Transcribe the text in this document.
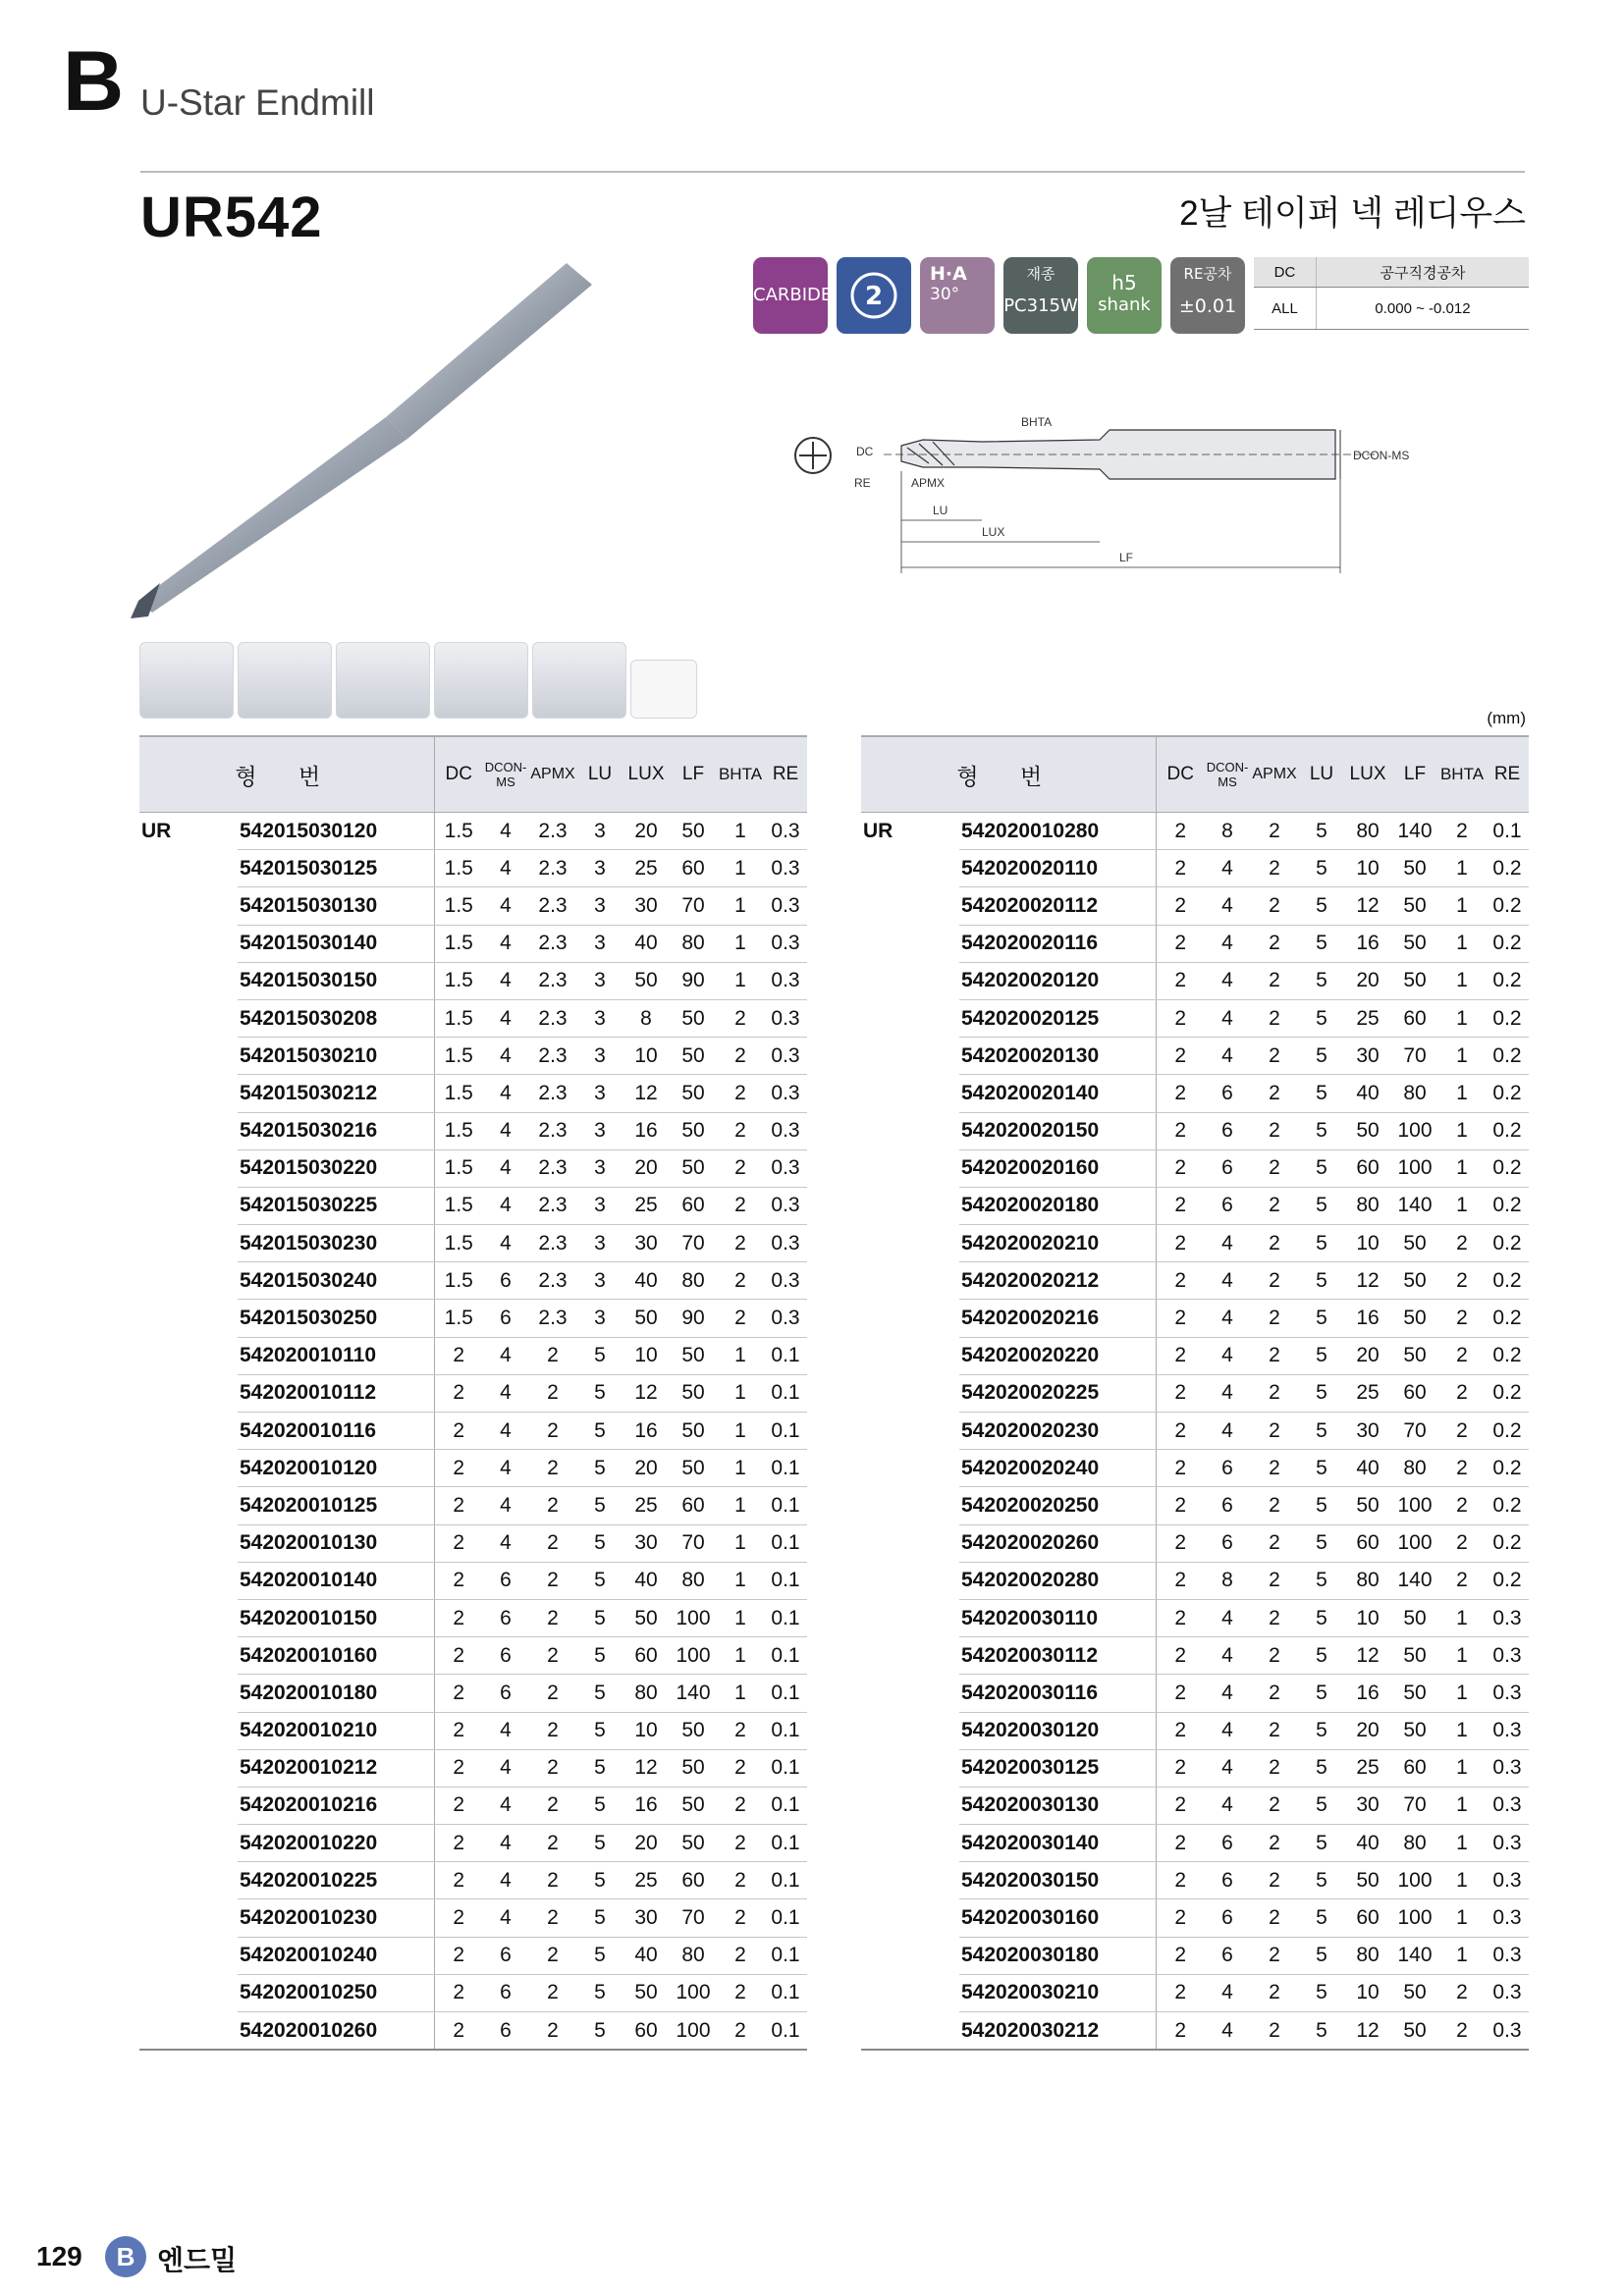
B U-Star Endmill
UR542	2날 테이퍼 넥 레디우스
CARBIDE 2
H·A
30°
재종
PC315W
h5
shank
RE공차
±0.01
DC	공구직경공차
ALL	0.000 ~ -0.012
BHTA
DC
RE	APMX
LU
LUX
LF
DCON-MS
(mm)
형 번		DC	DCON-MS	APMX	LU	LUX	LF	BHTA	RE
UR	542015030120	1.5	4	2.3	3	20	50	1	0.3
	542015030125	1.5	4	2.3	3	25	60	1	0.3
	542015030130	1.5	4	2.3	3	30	70	1	0.3
	542015030140	1.5	4	2.3	3	40	80	1	0.3
	542015030150	1.5	4	2.3	3	50	90	1	0.3
	542015030208	1.5	4	2.3	3	8	50	2	0.3
	542015030210	1.5	4	2.3	3	10	50	2	0.3
	542015030212	1.5	4	2.3	3	12	50	2	0.3
	542015030216	1.5	4	2.3	3	16	50	2	0.3
	542015030220	1.5	4	2.3	3	20	50	2	0.3
	542015030225	1.5	4	2.3	3	25	60	2	0.3
	542015030230	1.5	4	2.3	3	30	70	2	0.3
	542015030240	1.5	6	2.3	3	40	80	2	0.3
	542015030250	1.5	6	2.3	3	50	90	2	0.3
	542020010110	2	4	2	5	10	50	1	0.1
	542020010112	2	4	2	5	12	50	1	0.1
	542020010116	2	4	2	5	16	50	1	0.1
	542020010120	2	4	2	5	20	50	1	0.1
	542020010125	2	4	2	5	25	60	1	0.1
	542020010130	2	4	2	5	30	70	1	0.1
	542020010140	2	6	2	5	40	80	1	0.1
	542020010150	2	6	2	5	50	100	1	0.1
	542020010160	2	6	2	5	60	100	1	0.1
	542020010180	2	6	2	5	80	140	1	0.1
	542020010210	2	4	2	5	10	50	2	0.1
	542020010212	2	4	2	5	12	50	2	0.1
	542020010216	2	4	2	5	16	50	2	0.1
	542020010220	2	4	2	5	20	50	2	0.1
	542020010225	2	4	2	5	25	60	2	0.1
	542020010230	2	4	2	5	30	70	2	0.1
	542020010240	2	6	2	5	40	80	2	0.1
	542020010250	2	6	2	5	50	100	2	0.1
	542020010260	2	6	2	5	60	100	2	0.1
형 번		DC	DCON-MS	APMX	LU	LUX	LF	BHTA	RE
UR	542020010280	2	8	2	5	80	140	2	0.1
	542020020110	2	4	2	5	10	50	1	0.2
	542020020112	2	4	2	5	12	50	1	0.2
	542020020116	2	4	2	5	16	50	1	0.2
	542020020120	2	4	2	5	20	50	1	0.2
	542020020125	2	4	2	5	25	60	1	0.2
	542020020130	2	4	2	5	30	70	1	0.2
	542020020140	2	6	2	5	40	80	1	0.2
	542020020150	2	6	2	5	50	100	1	0.2
	542020020160	2	6	2	5	60	100	1	0.2
	542020020180	2	6	2	5	80	140	1	0.2
	542020020210	2	4	2	5	10	50	2	0.2
	542020020212	2	4	2	5	12	50	2	0.2
	542020020216	2	4	2	5	16	50	2	0.2
	542020020220	2	4	2	5	20	50	2	0.2
	542020020225	2	4	2	5	25	60	2	0.2
	542020020230	2	4	2	5	30	70	2	0.2
	542020020240	2	6	2	5	40	80	2	0.2
	542020020250	2	6	2	5	50	100	2	0.2
	542020020260	2	6	2	5	60	100	2	0.2
	542020020280	2	8	2	5	80	140	2	0.2
	542020030110	2	4	2	5	10	50	1	0.3
	542020030112	2	4	2	5	12	50	1	0.3
	542020030116	2	4	2	5	16	50	1	0.3
	542020030120	2	4	2	5	20	50	1	0.3
	542020030125	2	4	2	5	25	60	1	0.3
	542020030130	2	4	2	5	30	70	1	0.3
	542020030140	2	6	2	5	40	80	1	0.3
	542020030150	2	6	2	5	50	100	1	0.3
	542020030160	2	6	2	5	60	100	1	0.3
	542020030180	2	6	2	5	80	140	1	0.3
	542020030210	2	4	2	5	10	50	2	0.3
	542020030212	2	4	2	5	12	50	2	0.3
129	B 엔드밀
